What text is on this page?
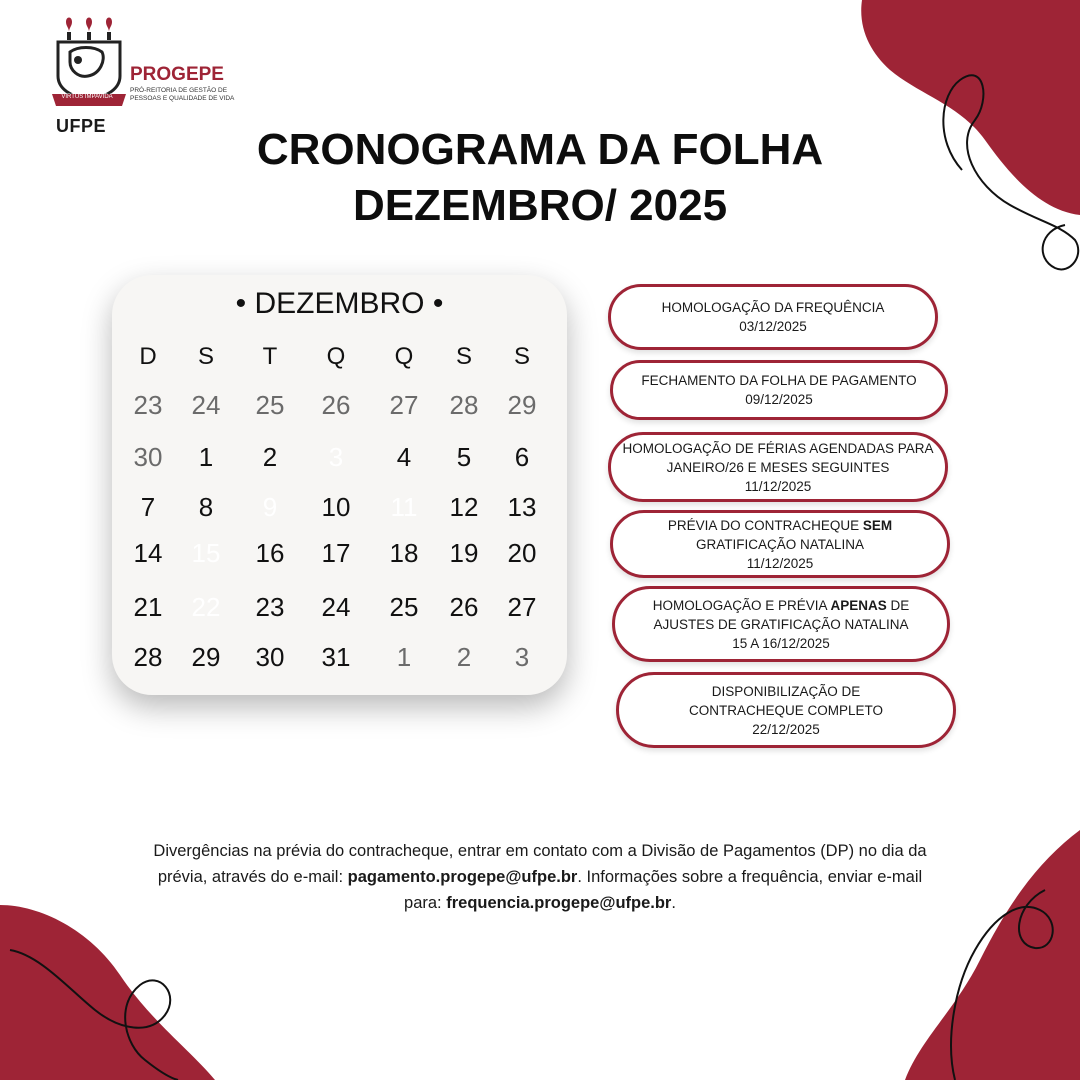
VIRTUS IMPAVIDA
UFPE
PROGEPE
PRÓ-REITORIA DE GESTÃO DE PESSOAS E QUALIDADE DE VIDA
CRONOGRAMA DA FOLHA
DEZEMBRO/ 2025
• DEZEMBRO •
D	S	T	Q	Q	S	S
23	24	25	26	27	28	29
30	1	2	3	4	5	6
7	8	9	10	11	12	13
14	15	16	17	18	19	20
21	22	23	24	25	26	27
28	29	30	31	1	2	3
HOMOLOGAÇÃO DA FREQUÊNCIA
03/12/2025
FECHAMENTO DA FOLHA DE PAGAMENTO
09/12/2025
HOMOLOGAÇÃO DE FÉRIAS AGENDADAS PARA
JANEIRO/26 E MESES SEGUINTES
11/12/2025
PRÉVIA DO CONTRACHEQUE SEM
GRATIFICAÇÃO NATALINA
11/12/2025
HOMOLOGAÇÃO E PRÉVIA APENAS DE
AJUSTES DE GRATIFICAÇÃO NATALINA
15 A 16/12/2025
DISPONIBILIZAÇÃO DE
CONTRACHEQUE COMPLETO
22/12/2025
Divergências na prévia do contracheque, entrar em contato com a Divisão de Pagamentos (DP) no dia da prévia, através do e-mail: pagamento.progepe@ufpe.br. Informações sobre a frequência, enviar e-mail para: frequencia.progepe@ufpe.br.
